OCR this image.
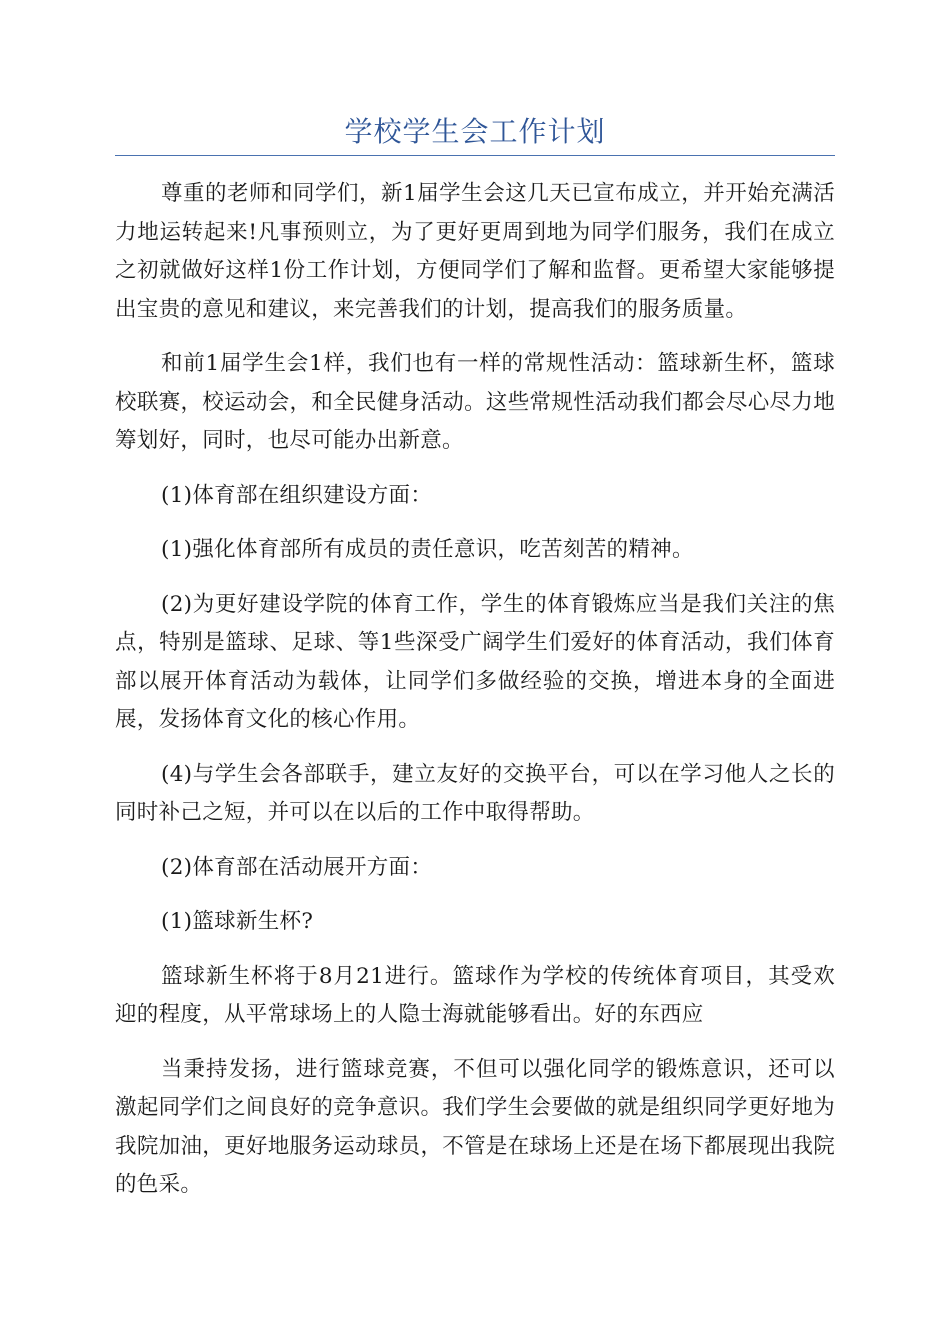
学校学生会工作计划

尊重的老师和同学们，新1届学生会这几天已宣布成立，并开始充满活力地运转起来!凡事预则立，为了更好更周到地为同学们服务，我们在成立之初就做好这样1份工作计划，方便同学们了解和监督。更希望大家能够提出宝贵的意见和建议，来完善我们的计划，提高我们的服务质量。

和前1届学生会1样，我们也有一样的常规性活动：篮球新生杯，篮球校联赛，校运动会，和全民健身活动。这些常规性活动我们都会尽心尽力地筹划好，同时，也尽可能办出新意。

(1)体育部在组织建设方面：

(1)强化体育部所有成员的责任意识，吃苦刻苦的精神。

(2)为更好建设学院的体育工作，学生的体育锻炼应当是我们关注的焦点，特别是篮球、足球、等1些深受广阔学生们爱好的体育活动，我们体育部以展开体育活动为载体，让同学们多做经验的交换，增进本身的全面进展，发扬体育文化的核心作用。

(4)与学生会各部联手，建立友好的交换平台，可以在学习他人之长的同时补己之短，并可以在以后的工作中取得帮助。

(2)体育部在活动展开方面：

(1)篮球新生杯?

篮球新生杯将于8月21进行。篮球作为学校的传统体育项目，其受欢迎的程度，从平常球场上的人隐士海就能够看出。好的东西应

当秉持发扬，进行篮球竞赛，不但可以强化同学的锻炼意识，还可以激起同学们之间良好的竞争意识。我们学生会要做的就是组织同学更好地为我院加油，更好地服务运动球员，不管是在球场上还是在场下都展现出我院的色采。
